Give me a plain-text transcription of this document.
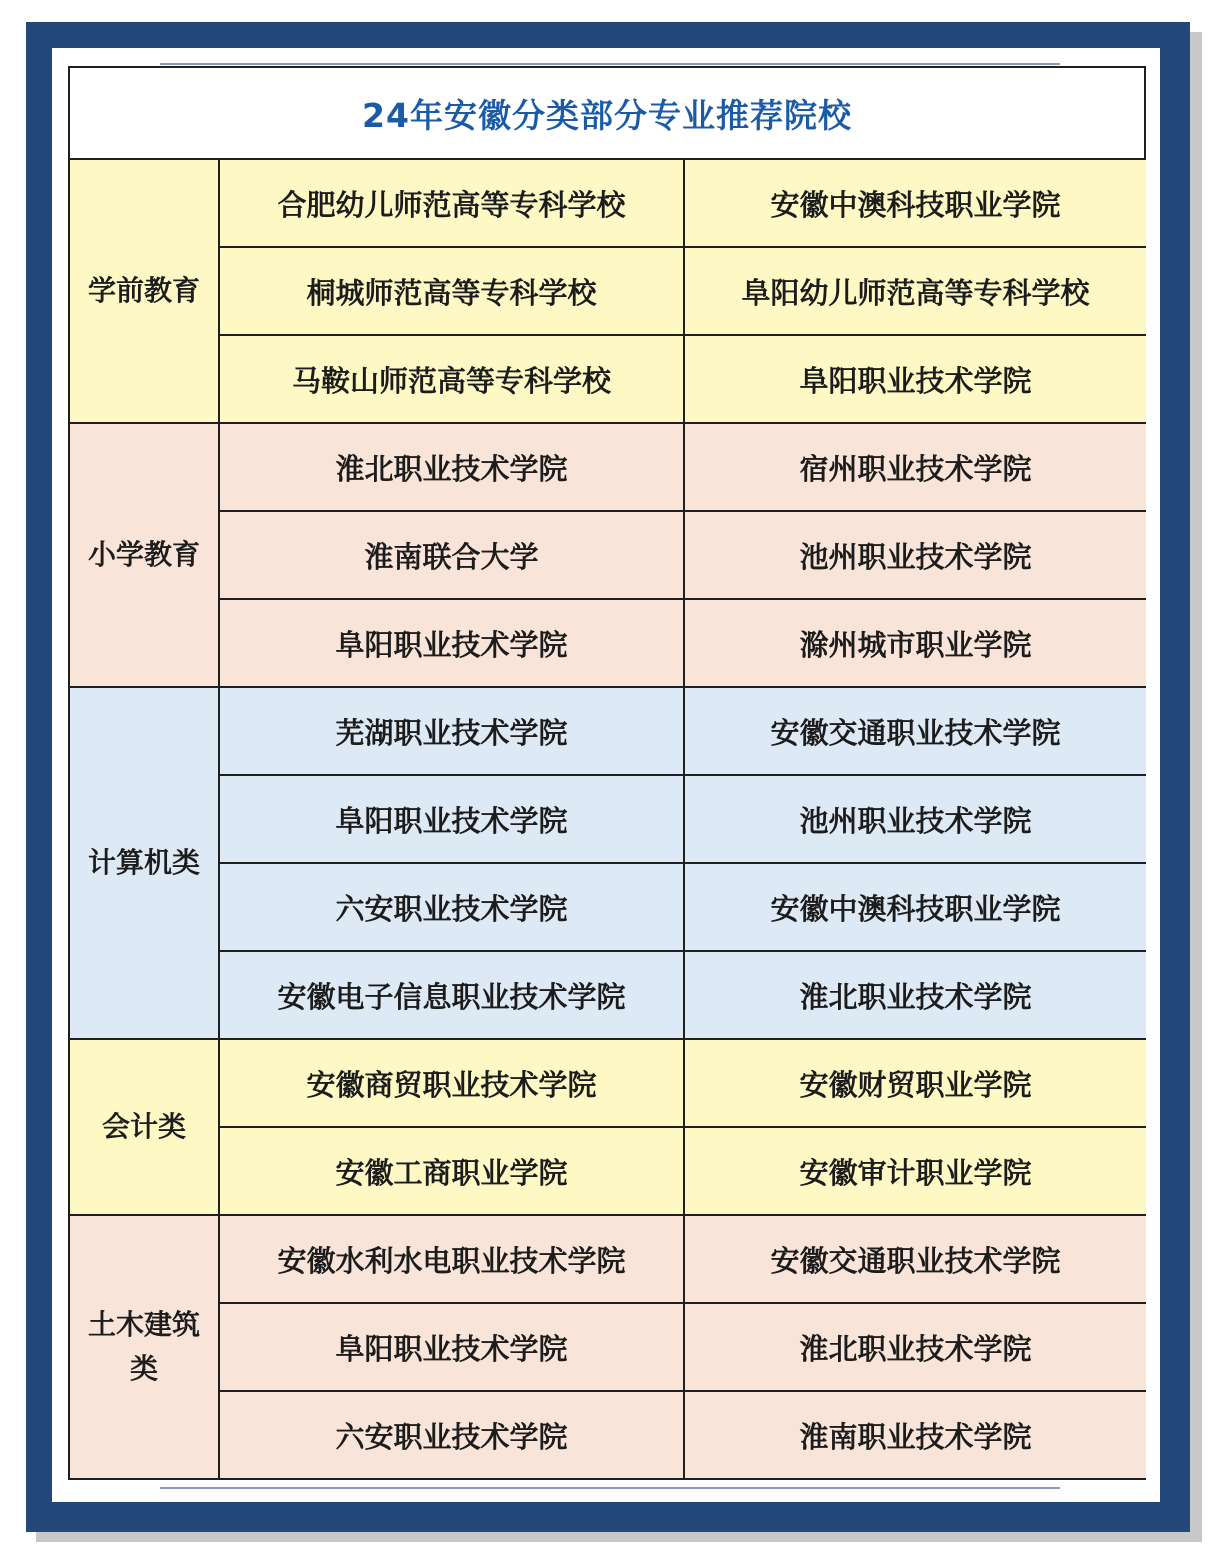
24年安徽分类部分专业推荐院校
学前教育	合肥幼儿师范高等专科学校	安徽中澳科技职业学院
	桐城师范高等专科学校	阜阳幼儿师范高等专科学校
	马鞍山师范高等专科学校	阜阳职业技术学院
小学教育	淮北职业技术学院	宿州职业技术学院
	淮南联合大学	池州职业技术学院
	阜阳职业技术学院	滁州城市职业学院
计算机类	芜湖职业技术学院	安徽交通职业技术学院
	阜阳职业技术学院	池州职业技术学院
	六安职业技术学院	安徽中澳科技职业学院
	安徽电子信息职业技术学院	淮北职业技术学院
会计类	安徽商贸职业技术学院	安徽财贸职业学院
	安徽工商职业学院	安徽审计职业学院
土木建筑类	安徽水利水电职业技术学院	安徽交通职业技术学院
	阜阳职业技术学院	淮北职业技术学院
	六安职业技术学院	淮南职业技术学院
